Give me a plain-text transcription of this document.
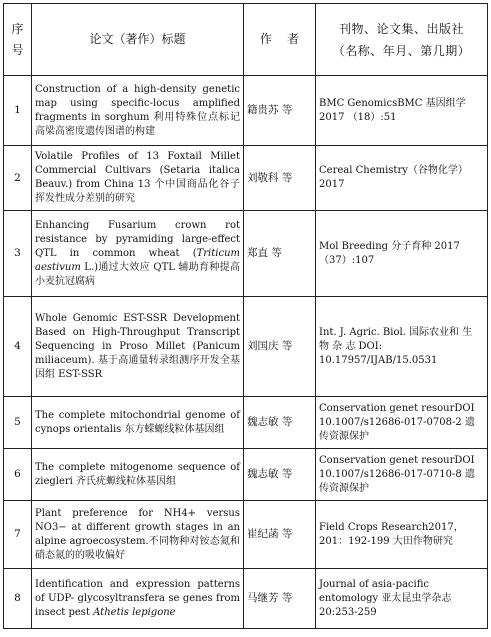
序
号	论文（著作）标题	作    者	刊物、论文集、出版社
（名称、年月、第几期）

1	Construction of a high-density genetic map using specific-locus amplified fragments in sorghum 利用特殊位点标记高梁高密度遗传图谱的构建	籍贵苏 等	BMC GenomicsBMC 基因组学 2017 （18）:51
2	Volatile Profiles of 13 Foxtail Millet Commercial Cultivars (Setaria italica Beauv.) from China 13 个中国商品化谷子挥发性成分差别的研究	刘敬科 等	Cereal Chemistry（谷物化学）2017
3	Enhancing Fusarium crown rot resistance by pyramiding large-effect QTL in common wheat (Triticum aestivum L.)通过大效应 QTL 辅助育种提高小麦抗冠腐病	郑直 等	Mol Breeding 分子育种 2017 （37）:107
4	Whole Genomic EST-SSR Development Based on High-Throughput Transcript Sequencing in Proso Millet (Panicum miliaceum). 基于高通量转录组测序开发全基因组 EST-SSR	刘国庆 等	Int. J. Agric. Biol. 国际农业和 生 物 杂 志 DOI: 10.17957/IJAB/15.0531
5	The complete mitochondrial genome of cynops orientalis 东方蝾螈线粒体基因组	魏志敏 等	Conservation genet resourDOI 10.1007/s12686-017-0708-2 遗传资源保护
6	The complete mitogenome sequence of ziegleri 齐氏疣螈线粒体基因组	魏志敏 等	Conservation genet resourDOI 10.1007/s12686-017-0710-8 遗传资源保护
7	Plant preference for NH4+ versus NO3− at different growth stages in an alpine agroecosystem.不同物种对铵态氮和硝态氮的的吸收偏好	崔纪菡 等	Field Crops Research2017，201：192-199 大田作物研究
8	Identification and expression patterns of UDP- glycosyltransfera se genes from insect pest Athetis lepigone	马继芳 等	Journal of asia-pacific entomology 亚太昆虫学杂志 20:253-259
